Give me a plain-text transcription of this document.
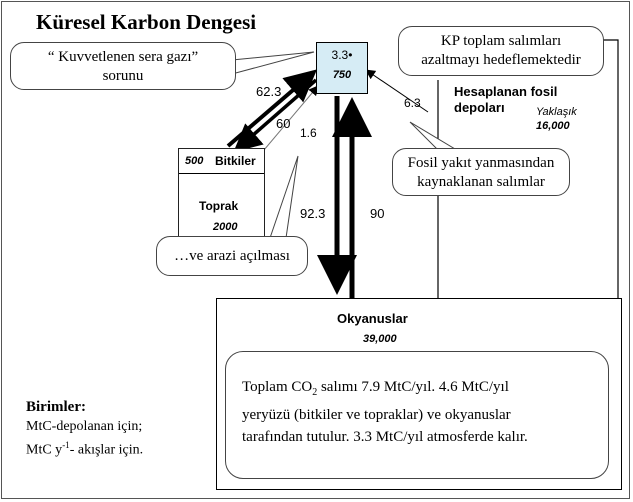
Küresel Karbon Dengesi
“ Kuvvetlenen sera gazı”
sorunu
3.3•
750
KP toplam salımları
azaltmayı hedeflemektedir
Hesaplanan fosil
depoları	Yaklaşık
16,000
Fosil yakıt yanmasından
kaynaklanan salımlar
500 Bitkiler
Toprak
2000
…ve arazi açılması
62.3
60
1.6
6.3
92.3	90
Okyanuslar
39,000
Toplam $CO_2$ salımı 7.9 MtC/yıl. 4.6 MtC/yıl
yeryüzü (bitkiler ve topraklar) ve okyanuslar
tarafından tutulur. 3.3 MtC/yıl atmosferde kalır.
Birimler:
MtC-depolanan için;
MtC $y^{-1}-$ akışlar için.
